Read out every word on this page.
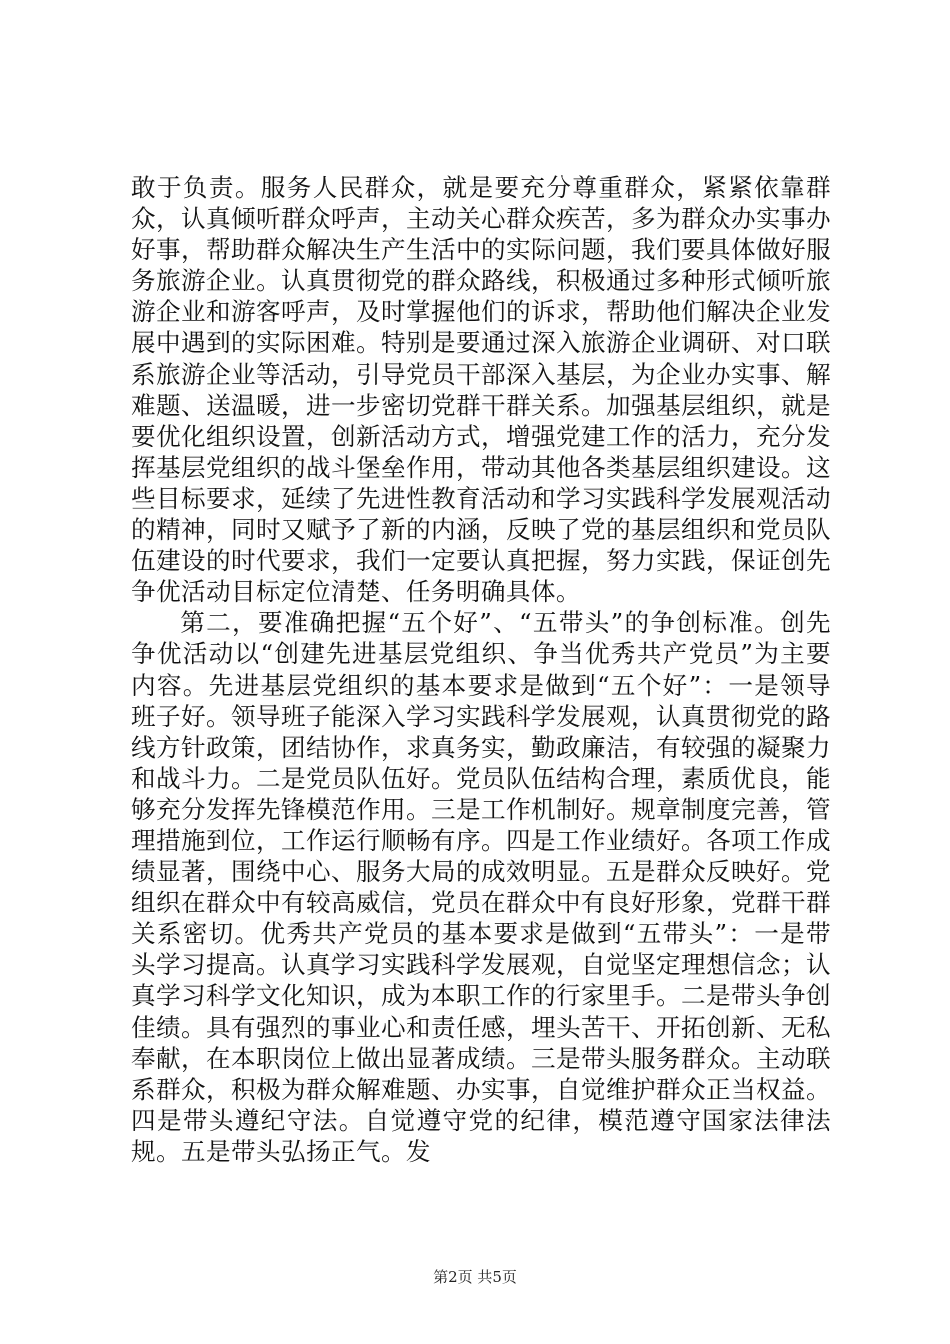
敢于负责。服务人民群众，就是要充分尊重群众，紧紧依靠群众，认真倾听群众呼声，主动关心群众疾苦，多为群众办实事办好事，帮助群众解决生产生活中的实际问题，我们要具体做好服务旅游企业。认真贯彻党的群众路线，积极通过多种形式倾听旅游企业和游客呼声，及时掌握他们的诉求，帮助他们解决企业发展中遇到的实际困难。特别是要通过深入旅游企业调研、对口联系旅游企业等活动，引导党员干部深入基层，为企业办实事、解难题、送温暖，进一步密切党群干群关系。加强基层组织，就是要优化组织设置，创新活动方式，增强党建工作的活力，充分发挥基层党组织的战斗堡垒作用，带动其他各类基层组织建设。这些目标要求，延续了先进性教育活动和学习实践科学发展观活动的精神，同时又赋予了新的内涵，反映了党的基层组织和党员队伍建设的时代要求，我们一定要认真把握，努力实践，保证创先争优活动目标定位清楚、任务明确具体。

第二，要准确把握“五个好”、“五带头”的争创标准。创先争优活动以“创建先进基层党组织、争当优秀共产党员”为主要内容。先进基层党组织的基本要求是做到“五个好”：一是领导班子好。领导班子能深入学习实践科学发展观，认真贯彻党的路线方针政策，团结协作，求真务实，勤政廉洁，有较强的凝聚力和战斗力。二是党员队伍好。党员队伍结构合理，素质优良，能够充分发挥先锋模范作用。三是工作机制好。规章制度完善，管理措施到位，工作运行顺畅有序。四是工作业绩好。各项工作成绩显著，围绕中心、服务大局的成效明显。五是群众反映好。党组织在群众中有较高威信，党员在群众中有良好形象，党群干群关系密切。优秀共产党员的基本要求是做到“五带头”：一是带头学习提高。认真学习实践科学发展观，自觉坚定理想信念；认真学习科学文化知识，成为本职工作的行家里手。二是带头争创佳绩。具有强烈的事业心和责任感，埋头苦干、开拓创新、无私奉献，在本职岗位上做出显著成绩。三是带头服务群众。主动联系群众，积极为群众解难题、办实事，自觉维护群众正当权益。四是带头遵纪守法。自觉遵守党的纪律，模范遵守国家法律法规。五是带头弘扬正气。发

第2页 共5页
